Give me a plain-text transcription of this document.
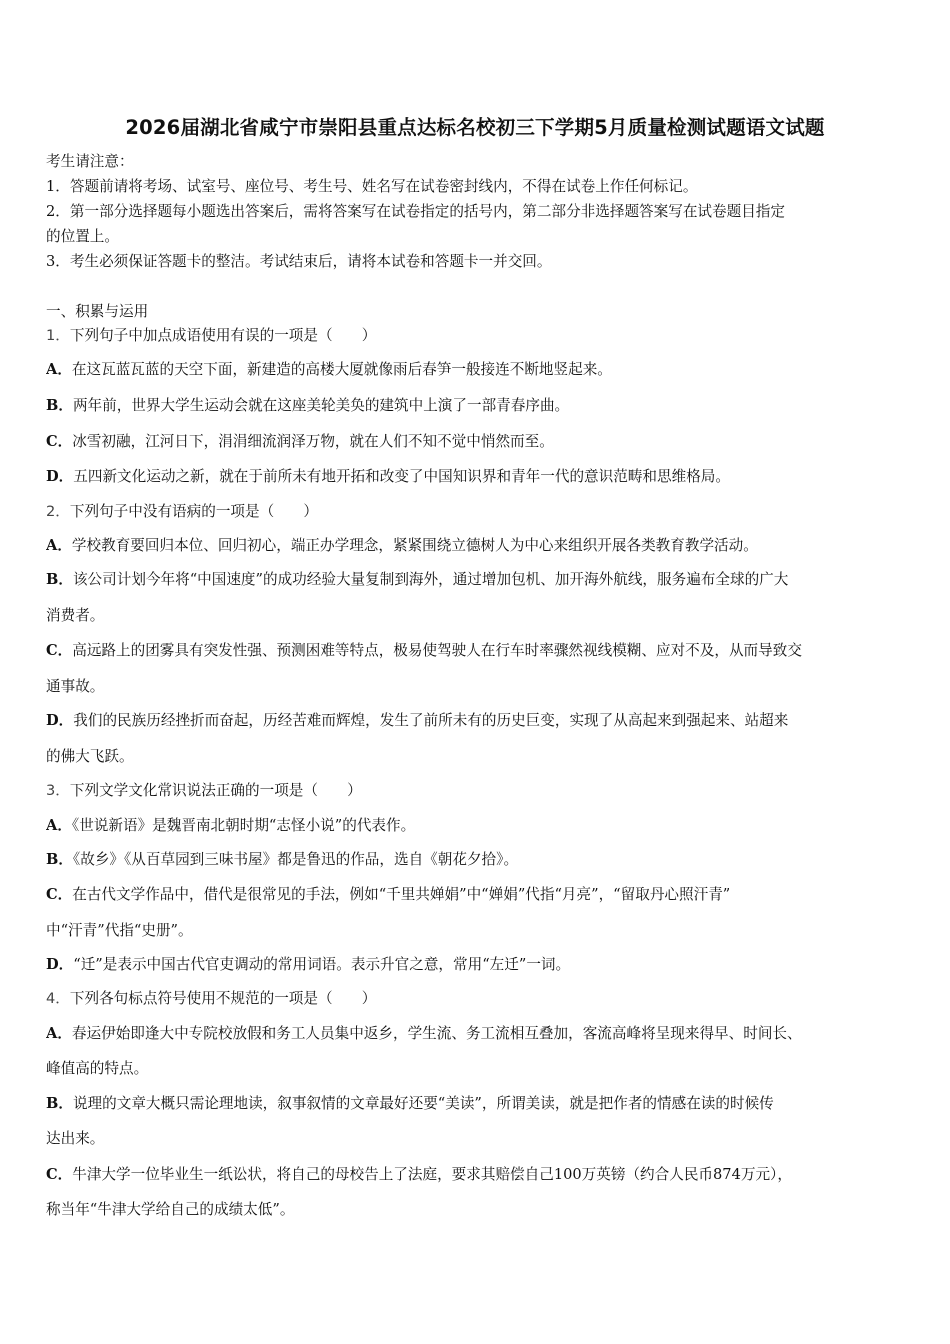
2026届湖北省咸宁市崇阳县重点达标名校初三下学期5月质量检测试题语文试题
考生请注意：
1．答题前请将考场、试室号、座位号、考生号、姓名写在试卷密封线内，不得在试卷上作任何标记。
2．第一部分选择题每小题选出答案后，需将答案写在试卷指定的括号内，第二部分非选择题答案写在试卷题目指定
的位置上。
3．考生必须保证答题卡的整洁。考试结束后，请将本试卷和答题卡一并交回。
一、积累与运用
1．下列句子中加点成语使用有误的一项是（　　）
A．在这瓦蓝瓦蓝的天空下面，新建造的高楼大厦就像雨后春笋一般接连不断地竖起来。
B．两年前，世界大学生运动会就在这座美轮美奂的建筑中上演了一部青春序曲。
C．冰雪初融，江河日下，涓涓细流润泽万物，就在人们不知不觉中悄然而至。
D．五四新文化运动之新，就在于前所未有地开拓和改变了中国知识界和青年一代的意识范畴和思维格局。
2．下列句子中没有语病的一项是（　　）
A．学校教育要回归本位、回归初心，端正办学理念，紧紧围绕立德树人为中心来组织开展各类教育教学活动。
B．该公司计划今年将“中国速度”的成功经验大量复制到海外，通过增加包机、加开海外航线，服务遍布全球的广大
消费者。
C．高远路上的团雾具有突发性强、预测困难等特点，极易使驾驶人在行车时率骤然视线模糊、应对不及，从而导致交
通事故。
D．我们的民族历经挫折而奋起，历经苦难而辉煌，发生了前所未有的历史巨变，实现了从高起来到强起来、站超来
的佛大飞跃。
3．下列文学文化常识说法正确的一项是（　　）
A．《世说新语》是魏晋南北朝时期“志怪小说”的代表作。
B．《故乡》《从百草园到三味书屋》都是鲁迅的作品，选自《朝花夕拾》。
C．在古代文学作品中，借代是很常见的手法，例如“千里共婵娟”中“婵娟”代指“月亮”，“留取丹心照汗青”
中“汗青”代指“史册”。
D．“迁”是表示中国古代官吏调动的常用词语。表示升官之意，常用“左迁”一词。
4．下列各句标点符号使用不规范的一项是（　　）
A．春运伊始即逢大中专院校放假和务工人员集中返乡，学生流、务工流相互叠加，客流高峰将呈现来得早、时间长、
峰值高的特点。
B．说理的文章大概只需论理地读，叙事叙情的文章最好还要“美读”，所谓美读，就是把作者的情感在读的时候传
达出来。
C．牛津大学一位毕业生一纸讼状，将自己的母校告上了法庭，要求其赔偿自己100万英镑（约合人民币874万元），
称当年“牛津大学给自己的成绩太低”。
